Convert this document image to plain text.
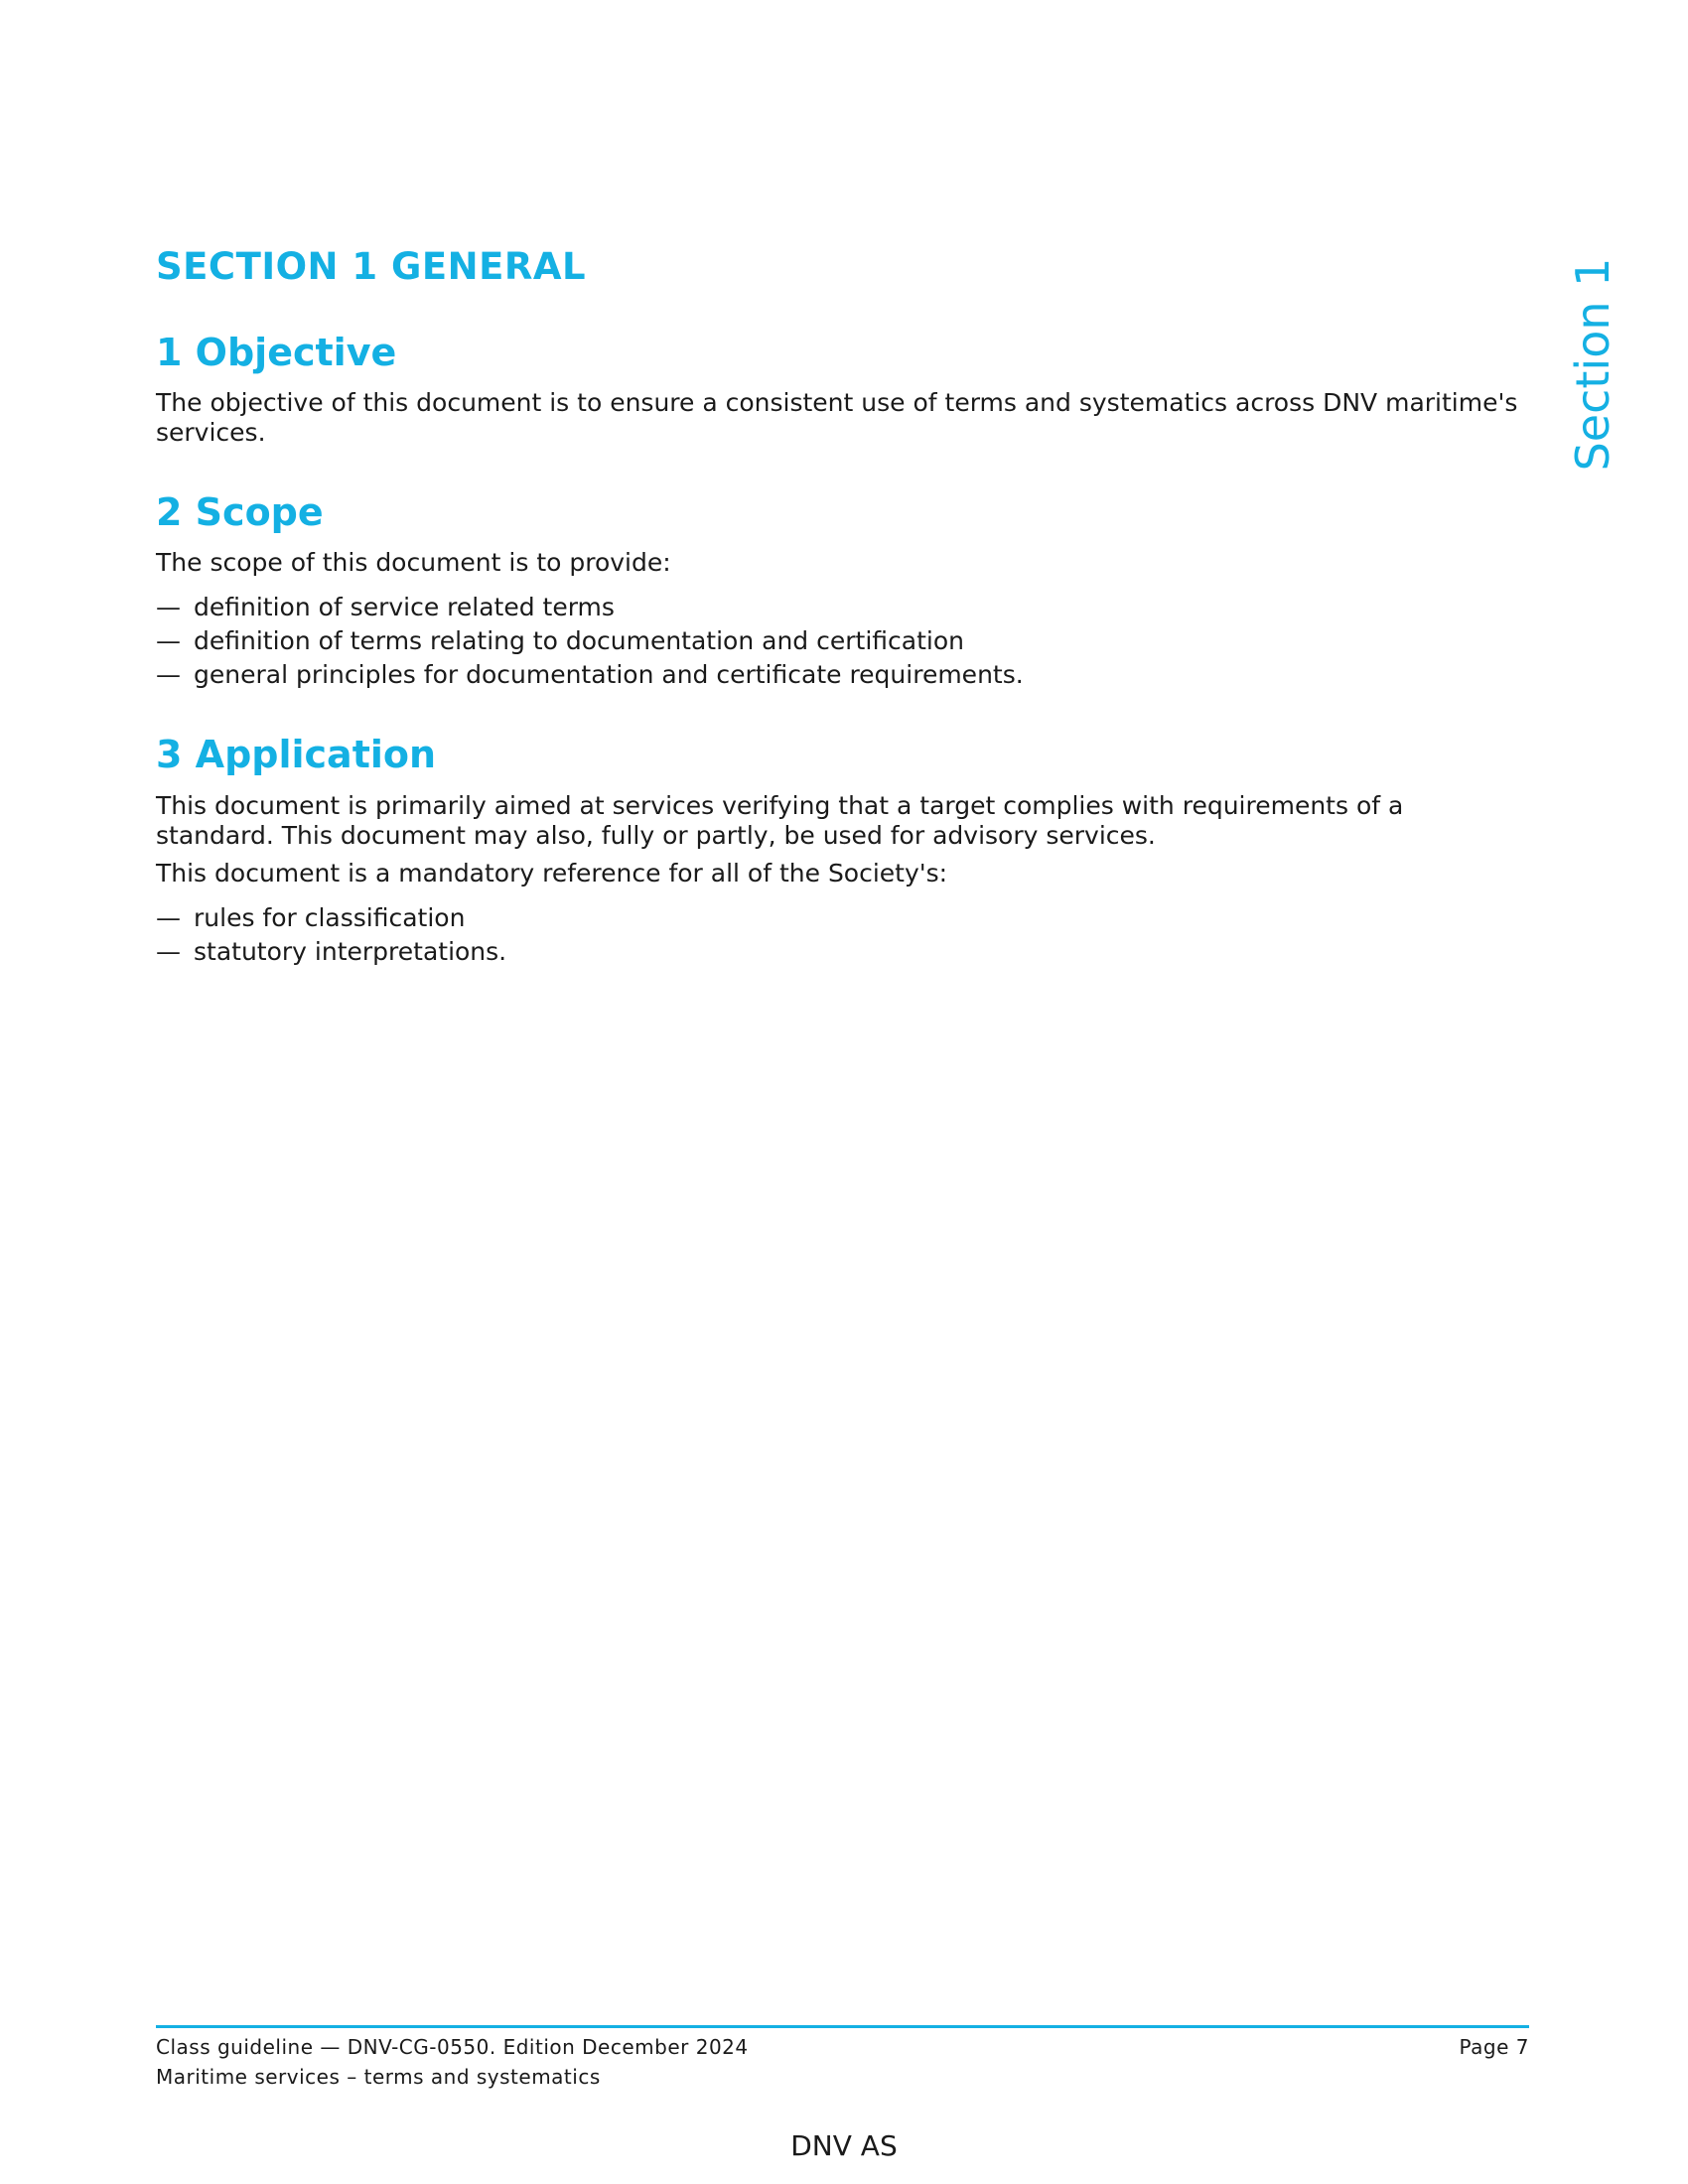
SECTION 1 GENERAL	Section 1
1 Objective

The objective of this document is to ensure a consistent use of terms and systematics across DNV maritime's services.

2 Scope

The scope of this document is to provide:

— definition of service related terms
— definition of terms relating to documentation and certification
— general principles for documentation and certificate requirements.
3 Application

This document is primarily aimed at services verifying that a target complies with requirements of a standard. This document may also, fully or partly, be used for advisory services.

This document is a mandatory reference for all of the Society's:

— rules for classification
— statutory interpretations.
Class guideline — DNV-CG-0550. Edition December 2024
Maritime services – terms and systematics
Page 7
DNV AS
